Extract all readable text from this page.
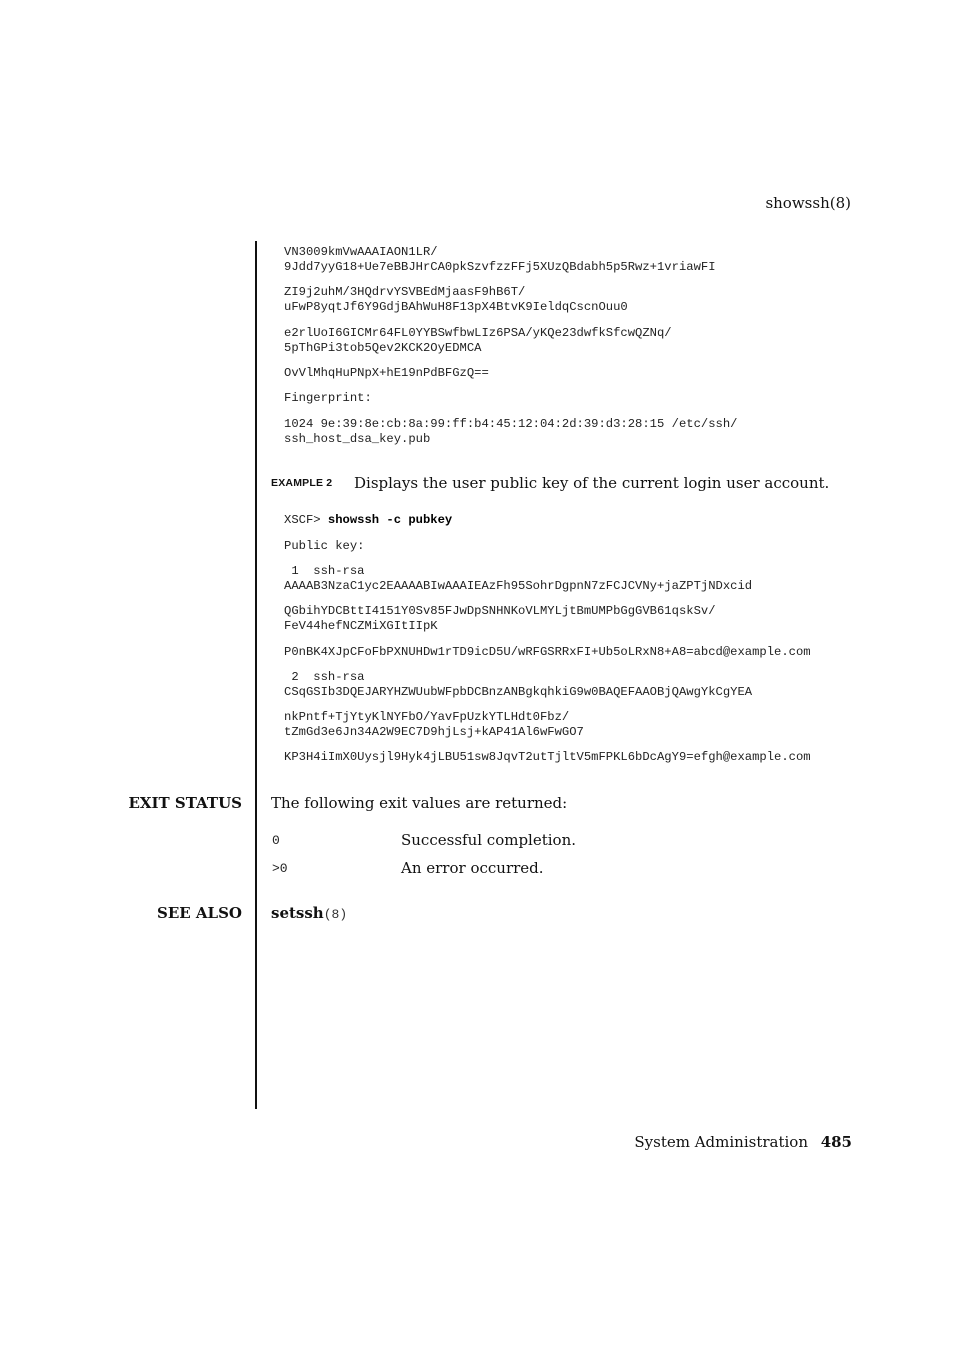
showssh(8)
VN3009kmVwAAAIAON1LR/
9Jdd7yyG18+Ue7eBBJHrCA0pkSzvfzzFFj5XUzQBdabh5p5Rwz+1vriawFI
ZI9j2uhM/3HQdrvYSVBEdMjaasF9hB6T/
uFwP8yqtJf6Y9GdjBAhWuH8F13pX4BtvK9IeldqCscnOuu0
e2rlUoI6GICMr64FL0YYBSwfbwLIz6PSA/yKQe23dwfkSfcwQZNq/
5pThGPi3tob5Qev2KCK2OyEDMCA
OvVlMhqHuPNpX+hE19nPdBFGzQ==
Fingerprint:
1024 9e:39:8e:cb:8a:99:ff:b4:45:12:04:2d:39:d3:28:15 /etc/ssh/
ssh_host_dsa_key.pub
EXAMPLE 2 Displays the user public key of the current login user account.
XSCF> showssh -c pubkey
Public key:
1  ssh-rsa
AAAAB3NzaC1yc2EAAAABIwAAAIEAzFh95SohrDgpnN7zFCJCVNy+jaZPTjNDxcid
QGbihYDCBttI4151Y0Sv85FJwDpSNHNKoVLMYLjtBmUMPbGgGVB61qskSv/
FeV44hefNCZMiXGItIIpK
P0nBK4XJpCFoFbPXNUHDw1rTD9icD5U/wRFGSRRxFI+Ub5oLRxN8+A8=abcd@example.com
2  ssh-rsa
CSqGSIb3DQEJARYHZWUubWFpbDCBnzANBgkqhkiG9w0BAQEFAAOBjQAwgYkCgYEA
nkPntf+TjYtyKlNYFbO/YavFpUzkYTLHdt0Fbz/
tZmGd3e6Jn34A2W9EC7D9hjLsj+kAP41Al6wFwGO7
KP3H4iImX0Uysjl9Hyk4jLBU51sw8JqvT2utTjltV5mFPKL6bDcAgY9=efgh@example.com
EXIT STATUS The following exit values are returned:
0	Successful completion.
>0	An error occurred.
SEE ALSO setssh(8)
System Administration 485
